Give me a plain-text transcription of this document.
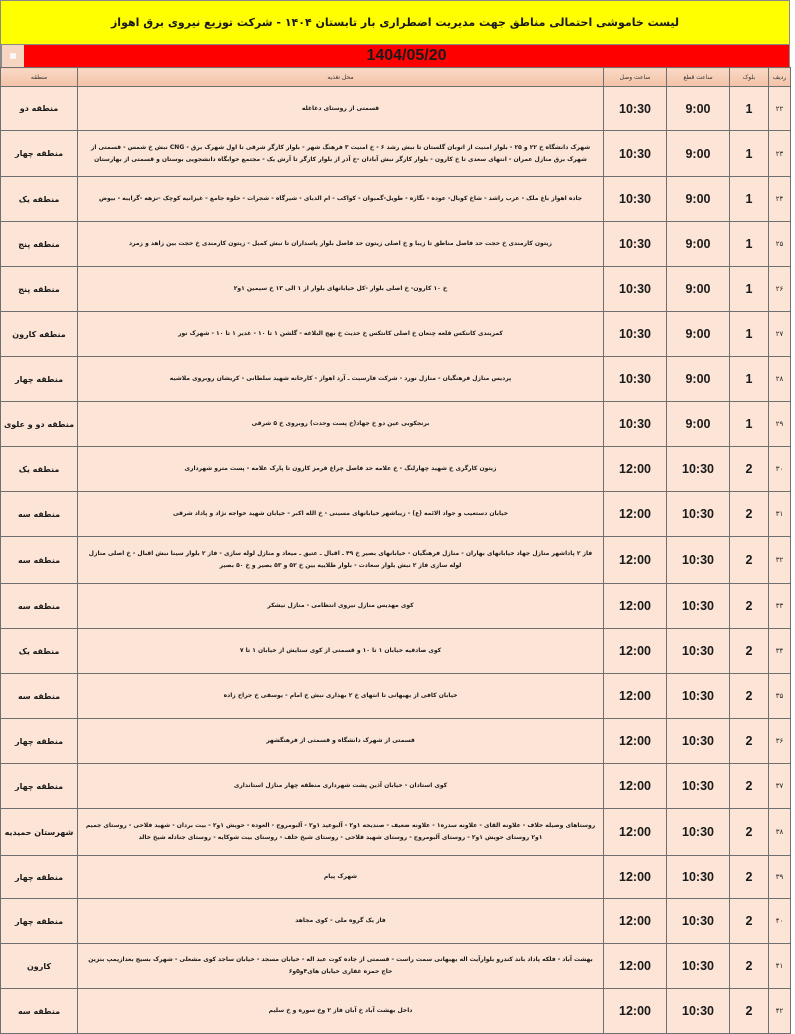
لیست خاموشی احتمالی مناطق جهت مدیریت اضطراری بار تابستان ۱۴۰۴ - شرکت توزیع نیروی برق اهواز
1404/05/20
ردیف	بلوک	ساعت قطع	ساعت وصل	محل تغذیه	منطقه
۲۲	1	9:00	10:30	قسمتی از روستای دغاغله	منطقه دو
۲۳	1	9:00	10:30	شهرک دانشگاه خ ۲۲ و ۲۵ - بلوار امنیت از اتوبان گلستان تا نبش رشد ۶ - خ امنیت ۳ فرهنگ شهر - بلوار کارگر شرقی تا اول شهرک برق - CNG نبش خ شمس - قسمتی از شهرک برق منازل عمران - انتهای سعدی تا خ کارون - بلوار کارگر نبش آبادان -خ آذر از بلوار کارگر تا آرش یک - مجتمع خوابگاه دانشجویی بوستان و قسمتی از بهارستان	منطقه چهار
۲۴	1	9:00	10:30	جاده اهواز باغ ملک - عرب راشد - شاخ کویال- عوده - نگازه - طویل-گمبوان - کواکب - ام الدبای - شیرگاه - شجرات - حلوه جامع - غیزانیه کوچک -نزهه -گرایبه - بیوض	منطقه یک
۲۵	1	9:00	10:30	زیتون کارمندی خ حجت حد فاصل مناطق تا زیبا و خ اصلی زیتون حد فاصل بلوار پاسداران تا نبش کمیل - زیتون کارمندی خ حجت بین زاهد و زمرد	منطقه پنج
۲۶	1	9:00	10:30	خ ۱۰ کارون- خ اصلی بلوار -کل خیابانهای بلوار از ۱ الی ۱۳ خ سیمین ۱و۲	منطقه پنج
۲۷	1	9:00	10:30	کمربندی کانتکس قلعه چنعان خ اصلی کانتکس خ حدیث خ نهج البلاغه - گلشن ۱ تا ۱۰ - غدیر ۱ تا ۱۰ - شهرک نور	منطقه کارون
۲۸	1	9:00	10:30	پردیس منازل فرهنگیان - منازل نورد - شرکت فارسیت ـ آرد اهواز - کارخانه شهید سلطانی - کریشان روبروی ملاشیه	منطقه چهار
۲۹	1	9:00	10:30	برنجکوبی عین دو خ جهاد(خ پست وحدت) روبروی خ ۵ شرقی	منطقه دو و علوی
۳۰	2	10:30	12:00	زیتون کارگری خ شهید چهارلنگ - خ علامه حد فاصل چراغ قرمز کارون تا پارک علامه - پست مترو شهرداری	منطقه یک
۳۱	2	10:30	12:00	خیابان دستغیب و جواد الائمه (ع) - زیباشهر خیابانهای مسینی - خ الله اکبر - خیابان شهید خواجه نژاد و پاداد شرقی	منطقه سه
۳۲	2	10:30	12:00	فاز ۲ پاداشهر منازل جهاد خیابانهای بهاران - منازل فرهنگیان - خیابانهای بصیر خ ۴۹ ـ اقبال ـ عتیق ـ میعاد و منازل لوله سازی - فاز ۲ بلوار سینا نبش اقبال - خ اصلی منازل لوله سازی فاز ۲ نبش بلوار سعادت - بلوار طلاییه بین خ ۵۲ و ۵۳ بصیر و خ ۵۰ بصیر	منطقه سه
۳۳	2	10:30	12:00	کوی مهدیس منازل نیروی انتظامی - منازل نیشکر	منطقه سه
۳۴	2	10:30	12:00	کوی صادقیه خیابان ۱ تا ۱۰ و قسمتی از کوی ستایش از خیابان ۱ تا ۷	منطقه یک
۳۵	2	10:30	12:00	خیابان کافی از بهبهانی تا انتهای خ ۲ بهداری نبش خ امام - یوسفی خ جراح زاده	منطقه سه
۳۶	2	10:30	12:00	قسمتی از شهرک دانشگاه و قسمتی از فرهنگشهر	منطقه چهار
۳۷	2	10:30	12:00	کوی استادان - خیابان آذین پشت شهرداری منطقه چهار منازل استانداری	منطقه چهار
۳۸	2	10:30	12:00	روستاهای وصیله خلاف - علاونه القای - علاونه سدره۱ - علاونه ضعیف - صندیحه ۱و۲ - آلبوعید ۱و۲ - آلبومروج - العوده - حویش ۱و۲ - بیت بردان - شهید فلاحی - روستای جمیم ۱و۲ روستای حویش ۱و۲ - روستای آلبومروج - روستای شهید فلاحی - روستای شیخ خلف - روستای بیت شوکایه - روستای جنادله شیخ خالد	شهرستان حمیدیه
۳۹	2	10:30	12:00	شهرک پیام	منطقه چهار
۴۰	2	10:30	12:00	فاز یک گروه ملی - کوی مجاهد	منطقه چهار
۴۱	2	10:30	12:00	بهشت آباد - فلکه پاداد باند کندرو بلوارآیت اله بهبهانی سمت راست - قسمتی از جاده کوت عبد اله - خیابان مسجد - خیابان ساجد کوی مشعلی - شهرک بسیج بعدازپمپ بنزین حاج حمزه غفاری خیابان های۴و۵و۶	کارون
۴۲	2	10:30	12:00	داخل بهشت آباد خ آبان فاز ۲ وخ سوره و خ سلیم	منطقه سه
